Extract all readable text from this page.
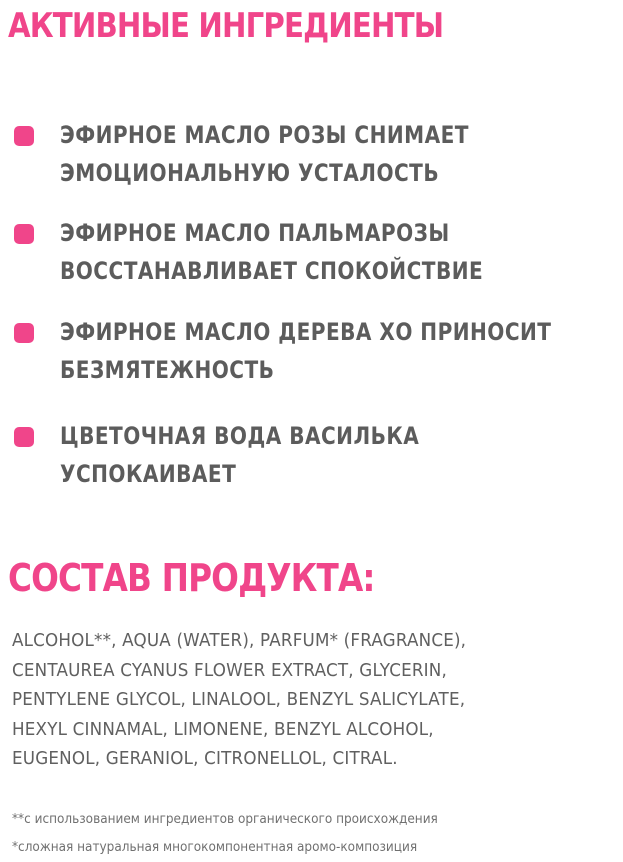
АКТИВНЫЕ ИНГРЕДИЕНТЫ
ЭФИРНОЕ МАСЛО РОЗЫ СНИМАЕТ
ЭМОЦИОНАЛЬНУЮ УСТАЛОСТЬ
ЭФИРНОЕ МАСЛО ПАЛЬМАРОЗЫ
ВОССТАНАВЛИВАЕТ СПОКОЙСТВИЕ
ЭФИРНОЕ МАСЛО ДЕРЕВА ХО ПРИНОСИТ
БЕЗМЯТЕЖНОСТЬ
ЦВЕТОЧНАЯ ВОДА ВАСИЛЬКА
УСПОКАИВАЕТ
СОСТАВ ПРОДУКТА:

ALCOHOL**, AQUA (WATER), PARFUM* (FRAGRANCE),
CENTAUREA CYANUS FLOWER EXTRACT, GLYCERIN,
PENTYLENE GLYCOL, LINALOOL, BENZYL SALICYLATE,
HEXYL CINNAMAL, LIMONENE, BENZYL ALCOHOL,
EUGENOL, GERANIOL, CITRONELLOL, CITRAL.

**с использованием ингредиентов органического происхождения

*сложная натуральная многокомпонентная аромо-композиция
